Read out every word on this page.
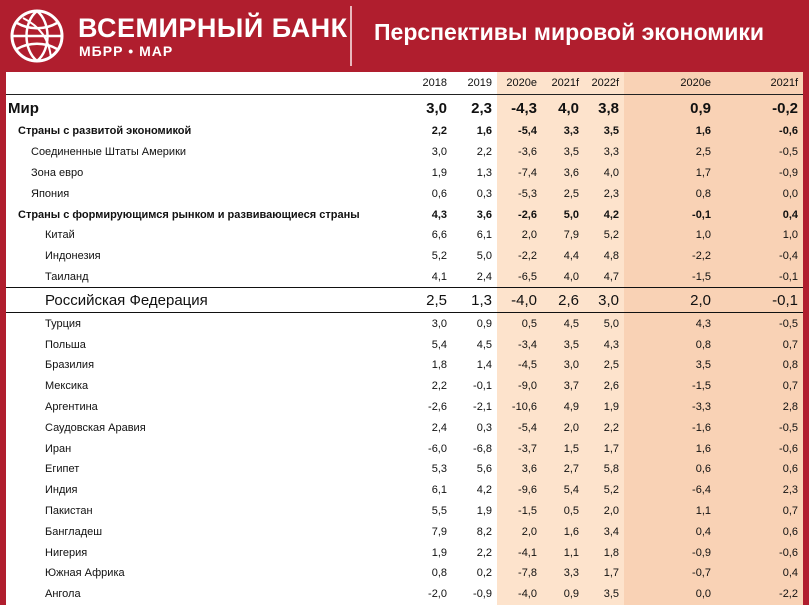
ВСЕМИРНЫЙ БАНК
МБРР • МАР
Перспективы мировой экономики
	2018	2019	2020e	2021f	2022f	2020e	2021f
Мир	3,0	2,3	-4,3	4,0	3,8	0,9	-0,2
Страны с развитой экономикой	2,2	1,6	-5,4	3,3	3,5	1,6	-0,6
Соединенные Штаты Америки	3,0	2,2	-3,6	3,5	3,3	2,5	-0,5
Зона евро	1,9	1,3	-7,4	3,6	4,0	1,7	-0,9
Япония	0,6	0,3	-5,3	2,5	2,3	0,8	0,0
Страны с формирующимся рынком и развивающиеся страны	4,3	3,6	-2,6	5,0	4,2	-0,1	0,4
Китай	6,6	6,1	2,0	7,9	5,2	1,0	1,0
Индонезия	5,2	5,0	-2,2	4,4	4,8	-2,2	-0,4
Таиланд	4,1	2,4	-6,5	4,0	4,7	-1,5	-0,1
Российская Федерация	2,5	1,3	-4,0	2,6	3,0	2,0	-0,1
Турция	3,0	0,9	0,5	4,5	5,0	4,3	-0,5
Польша	5,4	4,5	-3,4	3,5	4,3	0,8	0,7
Бразилия	1,8	1,4	-4,5	3,0	2,5	3,5	0,8
Мексика	2,2	-0,1	-9,0	3,7	2,6	-1,5	0,7
Аргентина	-2,6	-2,1	-10,6	4,9	1,9	-3,3	2,8
Саудовская Аравия	2,4	0,3	-5,4	2,0	2,2	-1,6	-0,5
Иран	-6,0	-6,8	-3,7	1,5	1,7	1,6	-0,6
Египет	5,3	5,6	3,6	2,7	5,8	0,6	0,6
Индия	6,1	4,2	-9,6	5,4	5,2	-6,4	2,3
Пакистан	5,5	1,9	-1,5	0,5	2,0	1,1	0,7
Бангладеш	7,9	8,2	2,0	1,6	3,4	0,4	0,6
Нигерия	1,9	2,2	-4,1	1,1	1,8	-0,9	-0,6
Южная Африка	0,8	0,2	-7,8	3,3	1,7	-0,7	0,4
Ангола	-2,0	-0,9	-4,0	0,9	3,5	0,0	-2,2
